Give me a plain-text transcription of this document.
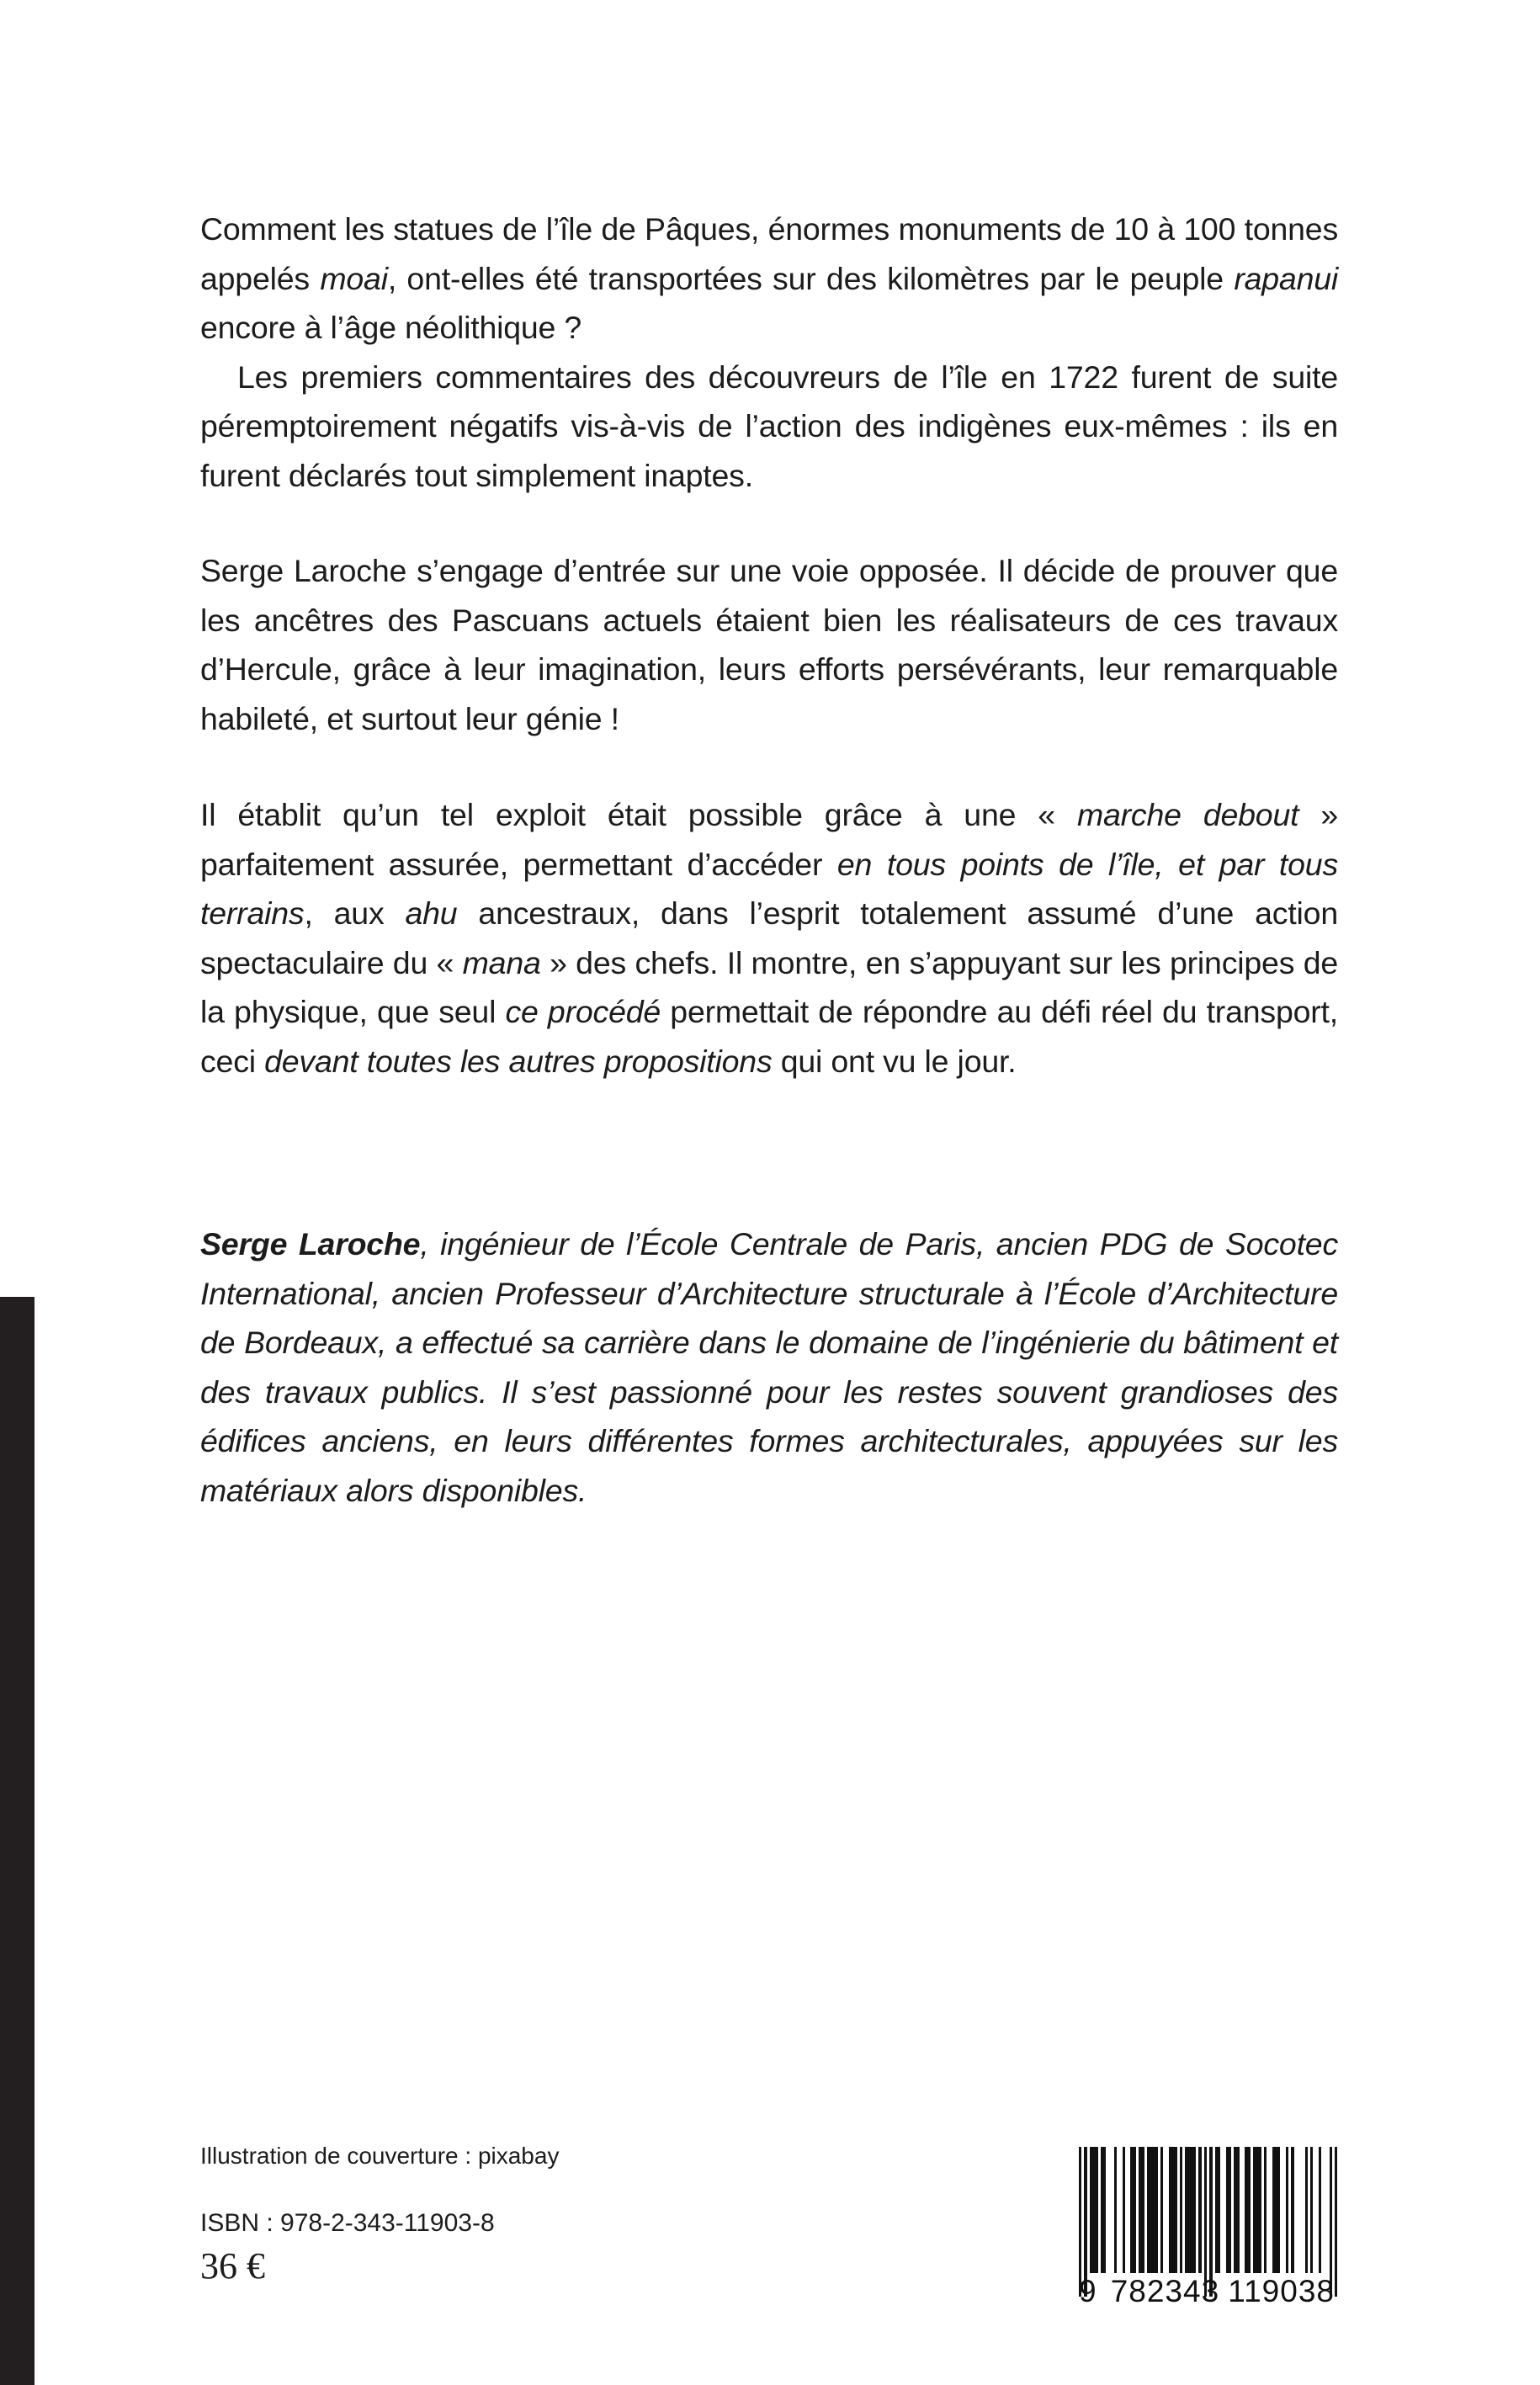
Comment les statues de l’île de Pâques, énormes monuments de 10 à 100 tonnes appelés moai, ont-elles été transportées sur des kilomètres par le peuple rapanui encore à l’âge néolithique ?

Les premiers commentaires des découvreurs de l’île en 1722 furent de suite péremptoirement négatifs vis-à-vis de l’action des indigènes eux-mêmes : ils en furent déclarés tout simplement inaptes.

Serge Laroche s’engage d’entrée sur une voie opposée. Il décide de prouver que les ancêtres des Pascuans actuels étaient bien les réalisateurs de ces travaux d’Hercule, grâce à leur imagination, leurs efforts persévérants, leur remarquable habileté, et surtout leur génie !

Il établit qu’un tel exploit était possible grâce à une « marche debout » parfaitement assurée, permettant d’accéder en tous points de l’île, et par tous terrains, aux ahu ancestraux, dans l’esprit totalement assumé d’une action spectaculaire du « mana » des chefs. Il montre, en s’appuyant sur les principes de la physique, que seul ce procédé permettait de répondre au défi réel du transport, ceci devant toutes les autres propositions qui ont vu le jour.

Serge Laroche, ingénieur de l’École Centrale de Paris, ancien PDG de Socotec International, ancien Professeur d’Architecture structurale à l’École d’Architecture de Bordeaux, a effectué sa carrière dans le domaine de l’ingénierie du bâtiment et des travaux publics. Il s’est passionné pour les restes souvent grandioses des édifices anciens, en leurs différentes formes architecturales, appuyées sur les matériaux alors disponibles.

Illustration de couverture : pixabay
ISBN : 978-2-343-11903-8
36 €
9 782343 119038
